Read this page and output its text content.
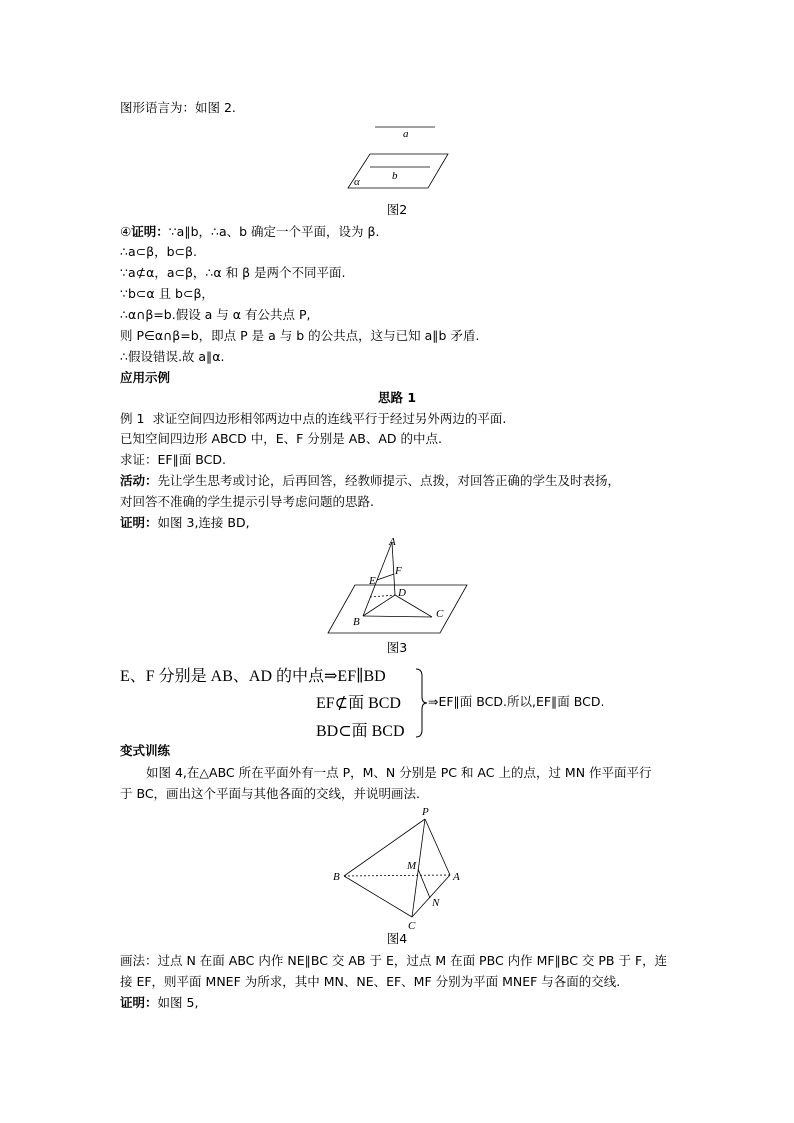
图形语言为：如图 2.
a
b
α
图2
④证明：∵a∥b，∴a、b 确定一个平面，设为 β.
∴a⊂β，b⊂β.
∵a⊄α，a⊂β，∴α 和 β 是两个不同平面.
∵b⊂α 且 b⊂β，
∴α∩β=b.假设 a 与 α 有公共点 P,
则 P∈α∩β=b，即点 P 是 a 与 b 的公共点，这与已知 a∥b 矛盾.
∴假设错误.故 a∥α.
应用示例
思路 1
例 1 求证空间四边形相邻两边中点的连线平行于经过另外两边的平面.
已知空间四边形 ABCD 中，E、F 分别是 AB、AD 的中点.
求证：EF∥面 BCD.
活动：先让学生思考或讨论，后再回答，经教师提示、点拨，对回答正确的学生及时表扬，
对回答不准确的学生提示引导考虑问题的思路.
证明：如图 3,连接 BD,
A
E
F
D
C
B
图3
E、F 分别是 AB、AD 的中点⇒EF∥BD
EF⊄面 BCD
BD⊂面 BCD
⇒EF∥面 BCD.所以,EF∥面 BCD.
变式训练
如图 4,在△ABC 所在平面外有一点 P，M、N 分别是 PC 和 AC 上的点，过 MN 作平面平行
于 BC，画出这个平面与其他各面的交线，并说明画法.
P
M
A
B
N
C
图4
画法：过点 N 在面 ABC 内作 NE∥BC 交 AB 于 E，过点 M 在面 PBC 内作 MF∥BC 交 PB 于 F，连
接 EF，则平面 MNEF 为所求，其中 MN、NE、EF、MF 分别为平面 MNEF 与各面的交线.
证明：如图 5,
